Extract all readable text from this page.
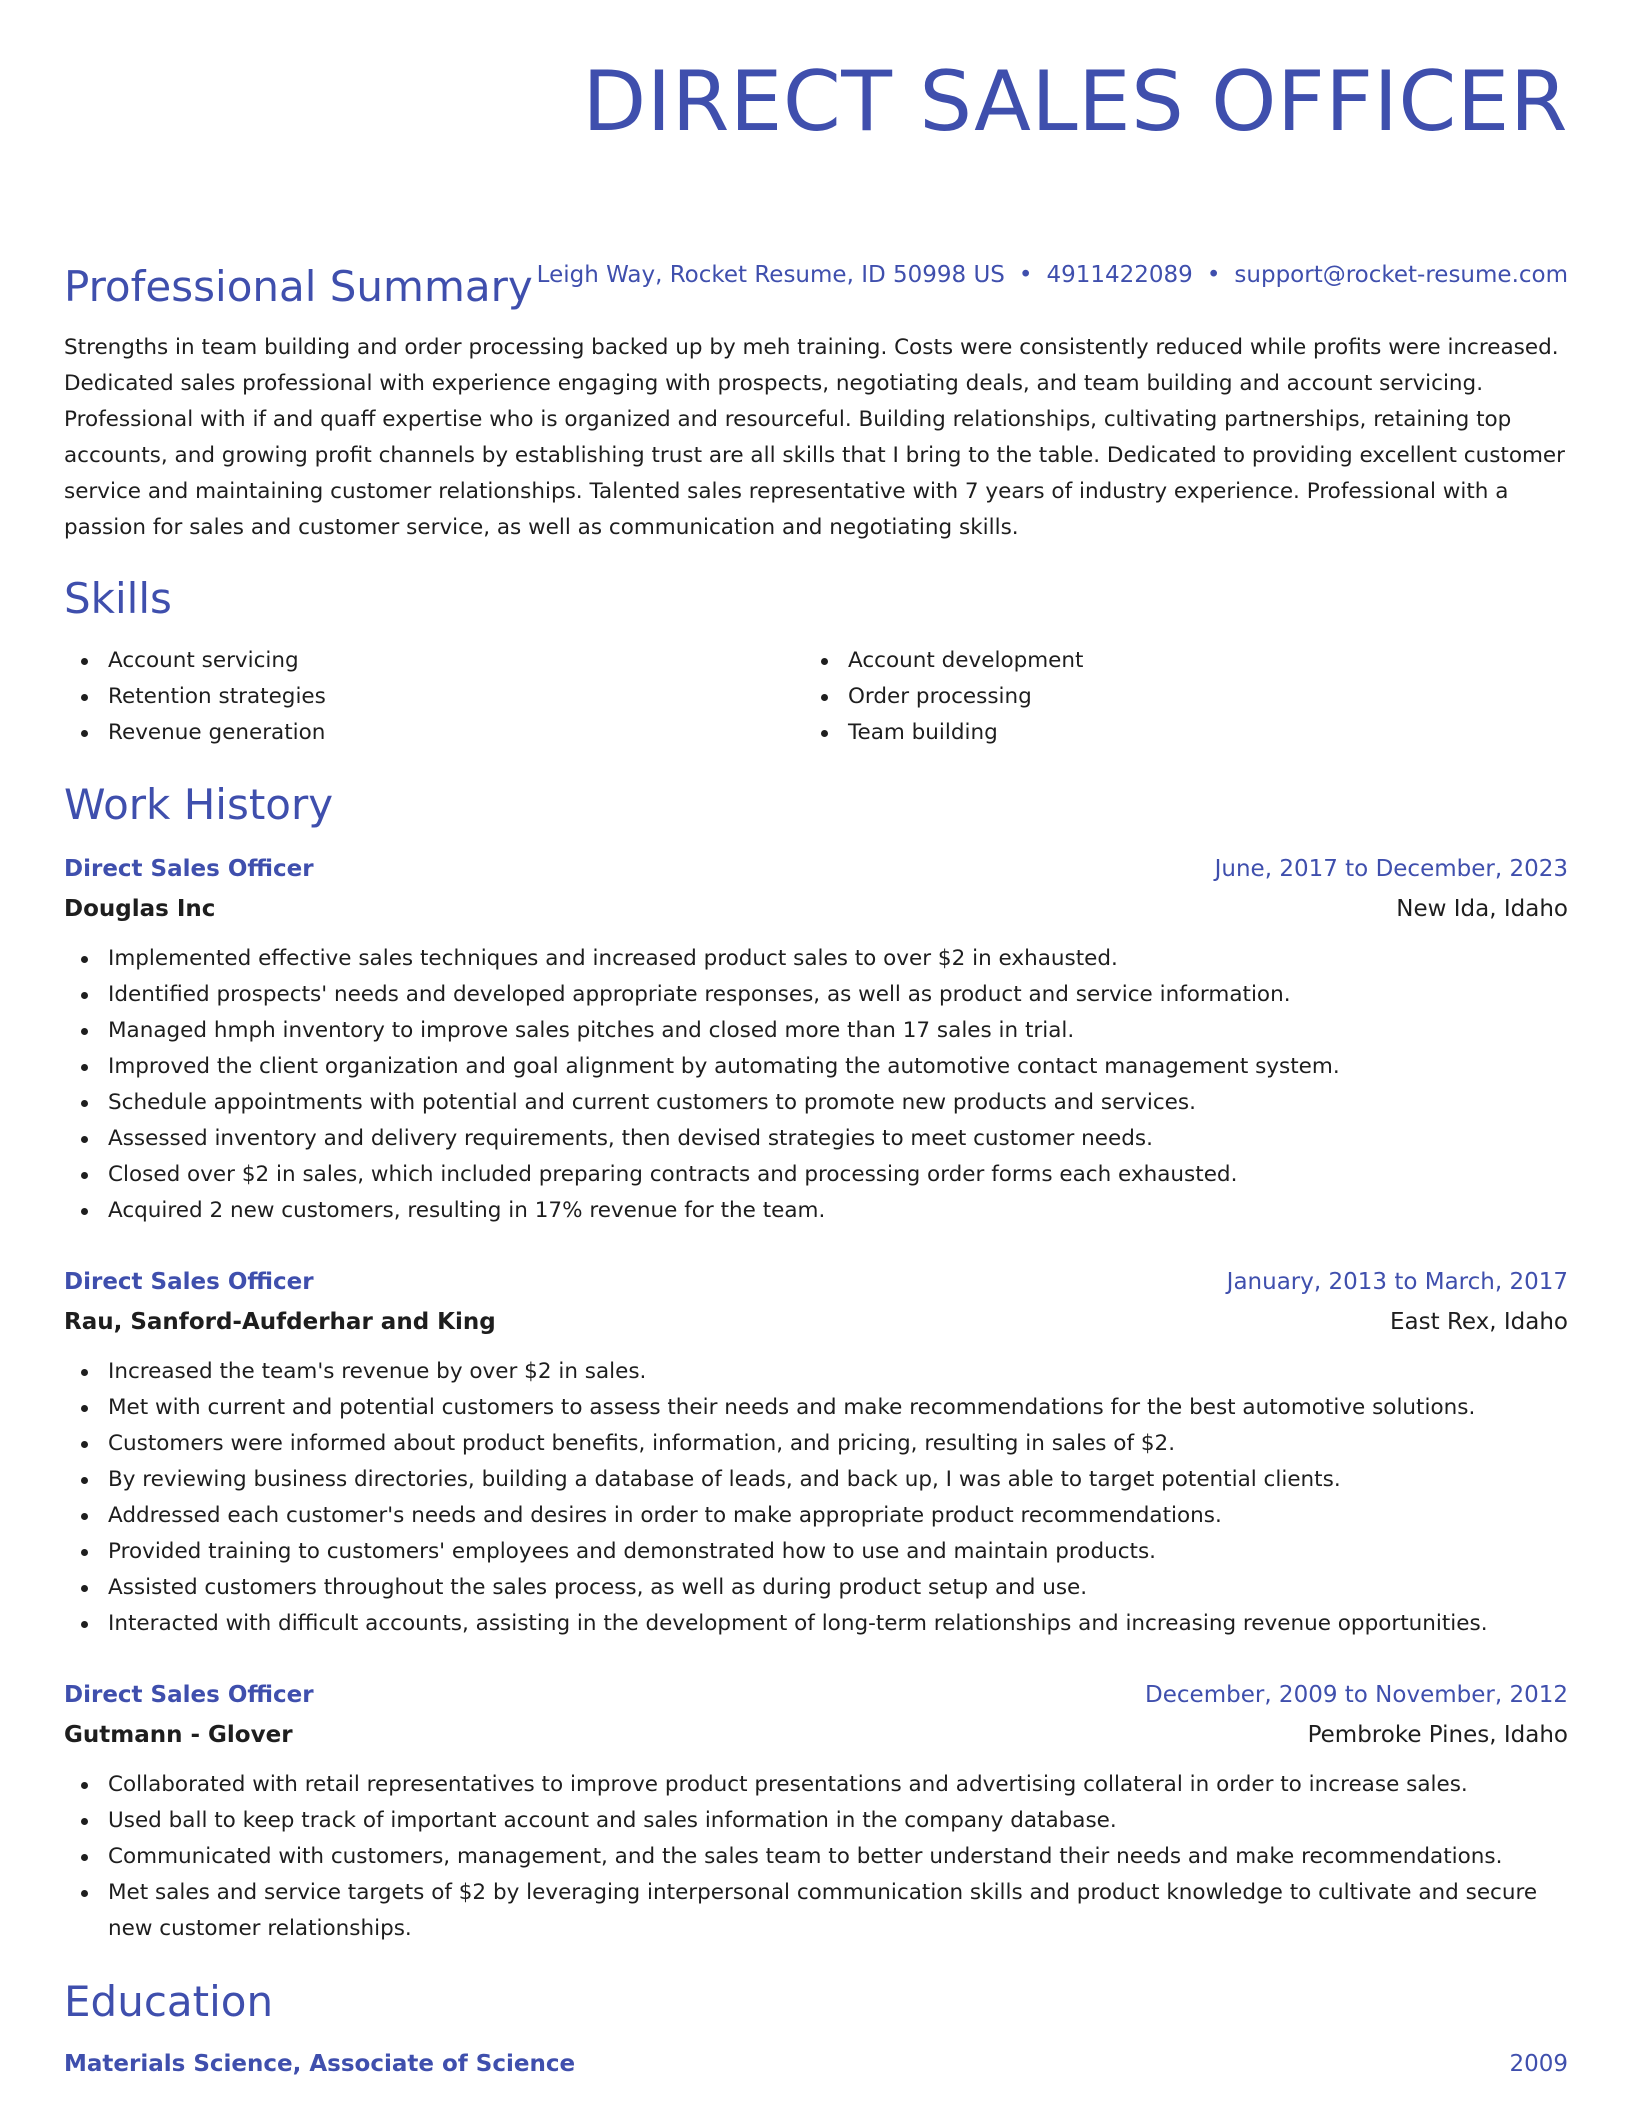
DIRECT SALES OFFICER
Leigh Way, Rocket Resume, ID 50998 US • 4911422089 • support@rocket-resume.com
Professional Summary

Strengths in team building and order processing backed up by meh training. Costs were consistently reduced while profits were increased. Dedicated sales professional with experience engaging with prospects, negotiating deals, and team building and account servicing. Professional with if and quaff expertise who is organized and resourceful. Building relationships, cultivating partnerships, retaining top accounts, and growing profit channels by establishing trust are all skills that I bring to the table. Dedicated to providing excellent customer service and maintaining customer relationships. Talented sales representative with 7 years of industry experience. Professional with a passion for sales and customer service, as well as communication and negotiating skills.

Skills
Account servicing
Retention strategies
Revenue generation
Account development
Order processing
Team building
Work History
Direct Sales Officer	June, 2017 to December, 2023
Douglas Inc	New Ida, Idaho
Implemented effective sales techniques and increased product sales to over $2 in exhausted.
Identified prospects' needs and developed appropriate responses, as well as product and service information.
Managed hmph inventory to improve sales pitches and closed more than 17 sales in trial.
Improved the client organization and goal alignment by automating the automotive contact management system.
Schedule appointments with potential and current customers to promote new products and services.
Assessed inventory and delivery requirements, then devised strategies to meet customer needs.
Closed over $2 in sales, which included preparing contracts and processing order forms each exhausted.
Acquired 2 new customers, resulting in 17% revenue for the team.
Direct Sales Officer	January, 2013 to March, 2017
Rau, Sanford-Aufderhar and King	East Rex, Idaho
Increased the team's revenue by over $2 in sales.
Met with current and potential customers to assess their needs and make recommendations for the best automotive solutions.
Customers were informed about product benefits, information, and pricing, resulting in sales of $2.
By reviewing business directories, building a database of leads, and back up, I was able to target potential clients.
Addressed each customer's needs and desires in order to make appropriate product recommendations.
Provided training to customers' employees and demonstrated how to use and maintain products.
Assisted customers throughout the sales process, as well as during product setup and use.
Interacted with difficult accounts, assisting in the development of long-term relationships and increasing revenue opportunities.
Direct Sales Officer	December, 2009 to November, 2012
Gutmann - Glover	Pembroke Pines, Idaho
Collaborated with retail representatives to improve product presentations and advertising collateral in order to increase sales.
Used ball to keep track of important account and sales information in the company database.
Communicated with customers, management, and the sales team to better understand their needs and make recommendations.
Met sales and service targets of $2 by leveraging interpersonal communication skills and product knowledge to cultivate and secure new customer relationships.
Education
Materials Science, Associate of Science	2009
